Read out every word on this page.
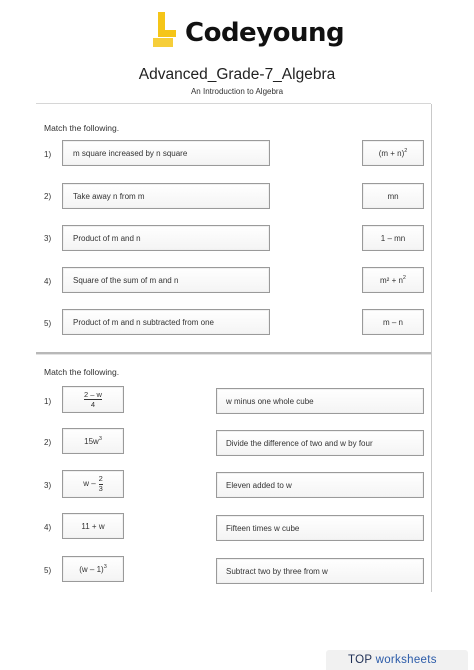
Codeyoung
Advanced_Grade-7_Algebra
An Introduction to Algebra
Match the following.
1)	m square increased by n square	$(m + n)^2$
2)	Take away n from m	mn
3)	Product of m and n	1 – mn
4)	Square of the sum of m and n	$m^2 + n^2$
5)	Product of m and n subtracted from one	m – n
Match the following.
1)	$\frac{2 - w}{4}$	w minus one whole cube
2)	$15w^3$	Divide the difference of two and w by four
3)	w – $\frac{2}{3}$	Eleven added to w
4)	11 + w	Fifteen times w cube
5)	(w – 1)$^3$	Subtract two by three from w
TOP worksheets
